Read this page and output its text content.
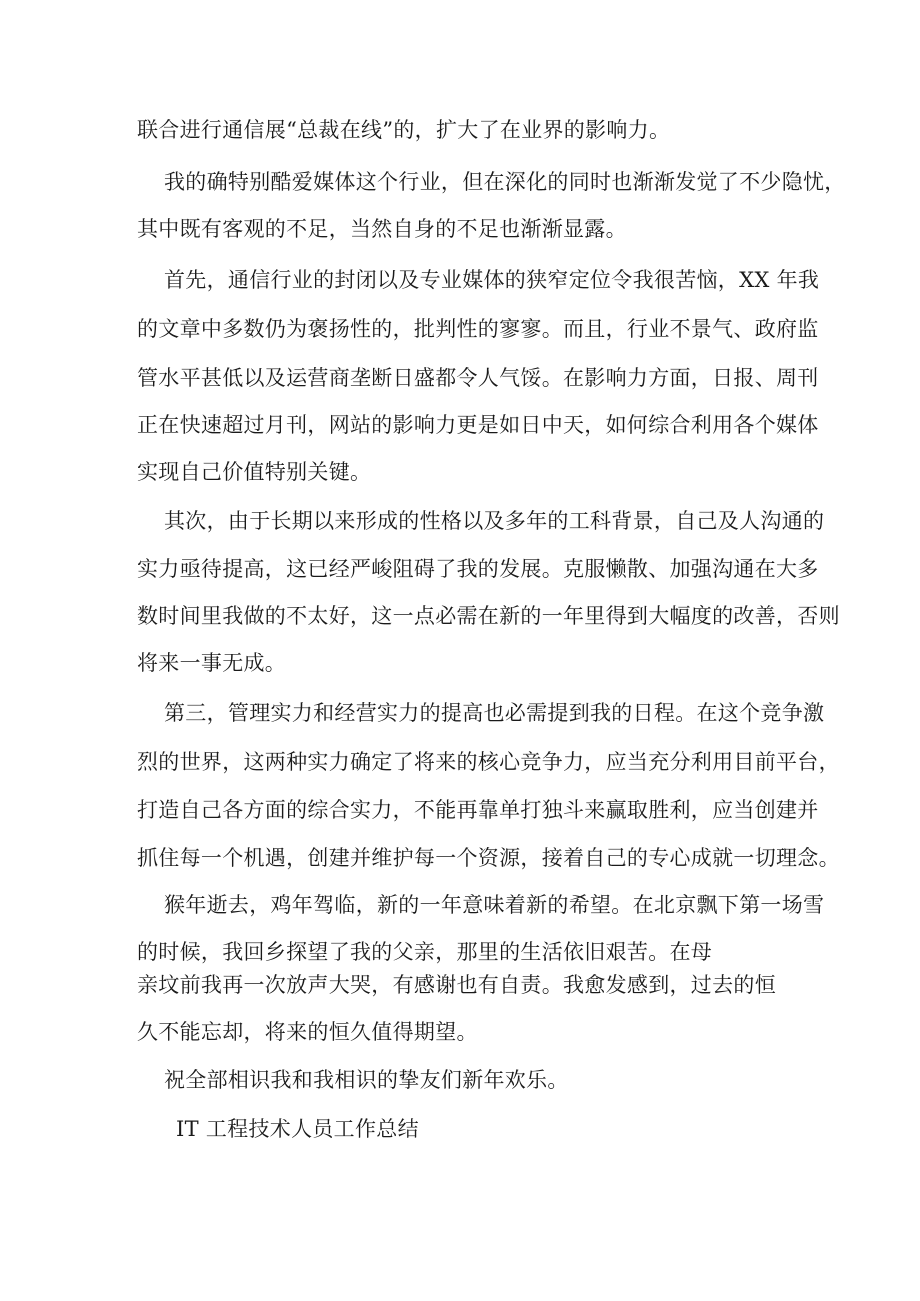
联合进行通信展“总裁在线”的，扩大了在业界的影响力。
我的确特别酷爱媒体这个行业，但在深化的同时也渐渐发觉了不少隐忧，
其中既有客观的不足，当然自身的不足也渐渐显露。
首先，通信行业的封闭以及专业媒体的狭窄定位令我很苦恼，XX 年我
的文章中多数仍为褒扬性的，批判性的寥寥。而且，行业不景气、政府监
管水平甚低以及运营商垄断日盛都令人气馁。在影响力方面，日报、周刊
正在快速超过月刊，网站的影响力更是如日中天，如何综合利用各个媒体
实现自己价值特别关键。
其次，由于长期以来形成的性格以及多年的工科背景，自己及人沟通的
实力亟待提高，这已经严峻阻碍了我的发展。克服懒散、加强沟通在大多
数时间里我做的不太好，这一点必需在新的一年里得到大幅度的改善，否则
将来一事无成。
第三，管理实力和经营实力的提高也必需提到我的日程。在这个竞争激
烈的世界，这两种实力确定了将来的核心竞争力，应当充分利用目前平台，
打造自己各方面的综合实力，不能再靠单打独斗来赢取胜利，应当创建并
抓住每一个机遇，创建并维护每一个资源，接着自己的专心成就一切理念。
猴年逝去，鸡年驾临，新的一年意味着新的希望。在北京飘下第一场雪
的时候，我回乡探望了我的父亲，那里的生活依旧艰苦。在母
亲坟前我再一次放声大哭，有感谢也有自责。我愈发感到，过去的恒
久不能忘却，将来的恒久值得期望。
祝全部相识我和我相识的挚友们新年欢乐。
IT 工程技术人员工作总结
